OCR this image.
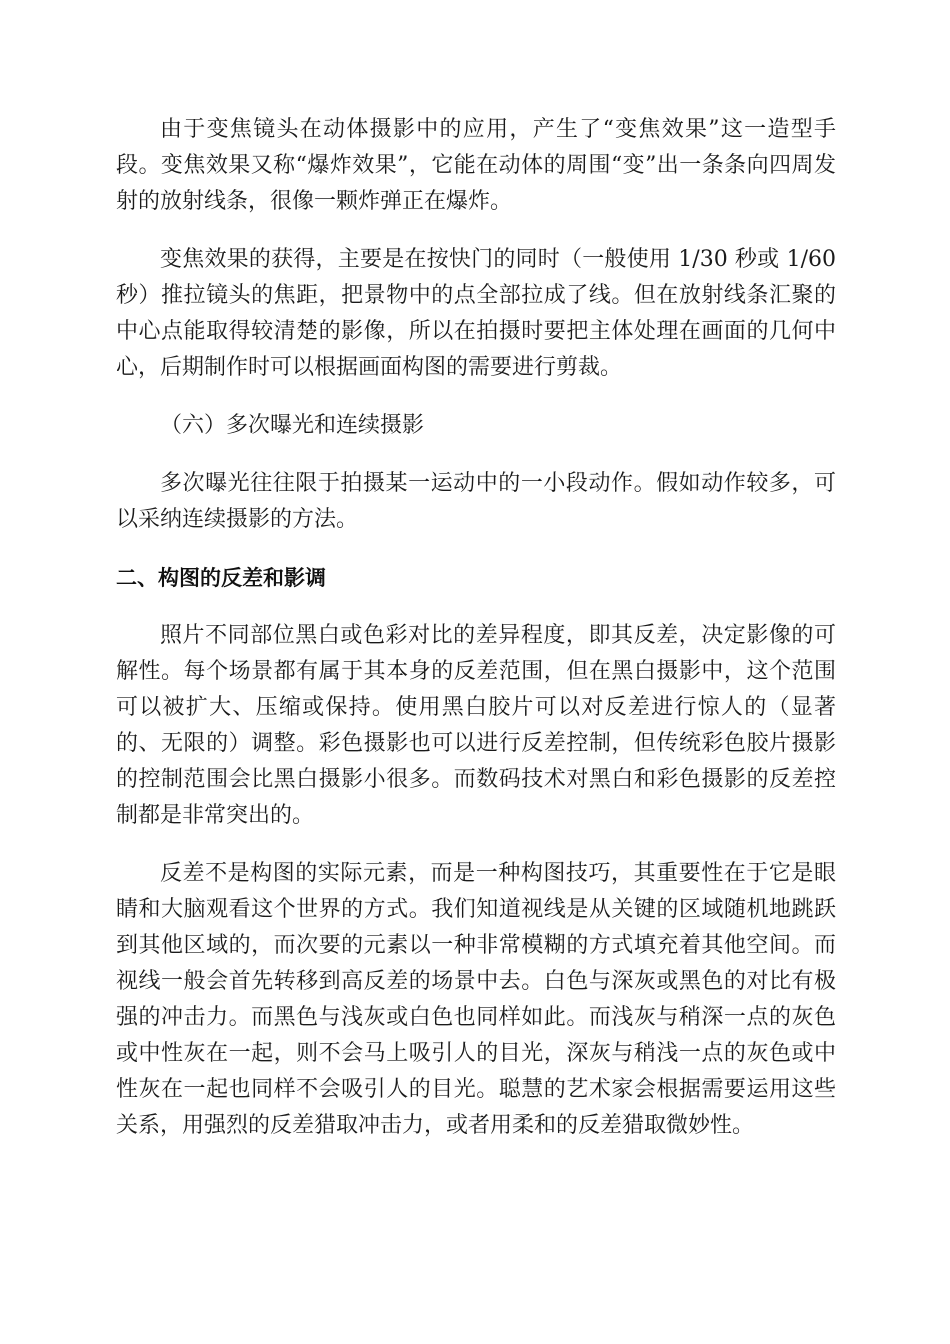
由于变焦镜头在动体摄影中的应用，产生了“变焦效果”这一造型手段。变焦效果又称“爆炸效果”，它能在动体的周围“变”出一条条向四周发射的放射线条，很像一颗炸弹正在爆炸。

变焦效果的获得，主要是在按快门的同时（一般使用 1/30 秒或 1/60 秒）推拉镜头的焦距，把景物中的点全部拉成了线。但在放射线条汇聚的中心点能取得较清楚的影像，所以在拍摄时要把主体处理在画面的几何中心，后期制作时可以根据画面构图的需要进行剪裁。

（六）多次曝光和连续摄影

多次曝光往往限于拍摄某一运动中的一小段动作。假如动作较多，可以采纳连续摄影的方法。

二、构图的反差和影调

照片不同部位黑白或色彩对比的差异程度，即其反差，决定影像的可解性。每个场景都有属于其本身的反差范围，但在黑白摄影中，这个范围可以被扩大、压缩或保持。使用黑白胶片可以对反差进行惊人的（显著的、无限的）调整。彩色摄影也可以进行反差控制，但传统彩色胶片摄影的控制范围会比黑白摄影小很多。而数码技术对黑白和彩色摄影的反差控制都是非常突出的。

反差不是构图的实际元素，而是一种构图技巧，其重要性在于它是眼睛和大脑观看这个世界的方式。我们知道视线是从关键的区域随机地跳跃到其他区域的，而次要的元素以一种非常模糊的方式填充着其他空间。而视线一般会首先转移到高反差的场景中去。白色与深灰或黑色的对比有极强的冲击力。而黑色与浅灰或白色也同样如此。而浅灰与稍深一点的灰色或中性灰在一起，则不会马上吸引人的目光，深灰与稍浅一点的灰色或中性灰在一起也同样不会吸引人的目光。聪慧的艺术家会根据需要运用这些关系，用强烈的反差猎取冲击力，或者用柔和的反差猎取微妙性。
